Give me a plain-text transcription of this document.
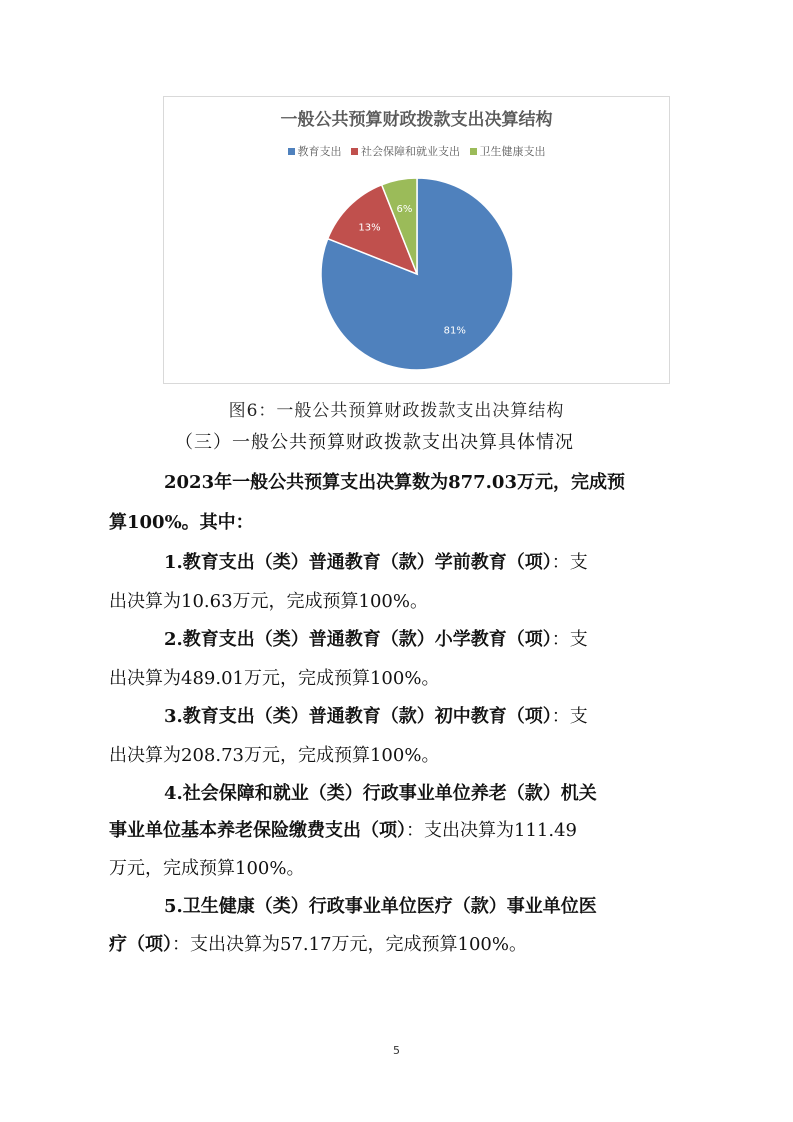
81%
13%
6%
一般公共预算财政拨款支出决算结构
教育支出 社会保障和就业支出 卫生健康支出
图6：一般公共预算财政拨款支出决算结构
（三）一般公共预算财政拨款支出决算具体情况
2023年一般公共预算支出决算数为877.03万元，完成预
算100%。其中：
1.教育支出（类）普通教育（款）学前教育（项）：支
出决算为10.63万元，完成预算100%。
2.教育支出（类）普通教育（款）小学教育（项）：支
出决算为489.01万元，完成预算100%。
3.教育支出（类）普通教育（款）初中教育（项）：支
出决算为208.73万元，完成预算100%。
4.社会保障和就业（类）行政事业单位养老（款）机关
事业单位基本养老保险缴费支出（项）：支出决算为111.49
万元，完成预算100%。
5.卫生健康（类）行政事业单位医疗（款）事业单位医
疗（项）：支出决算为57.17万元，完成预算100%。
5
